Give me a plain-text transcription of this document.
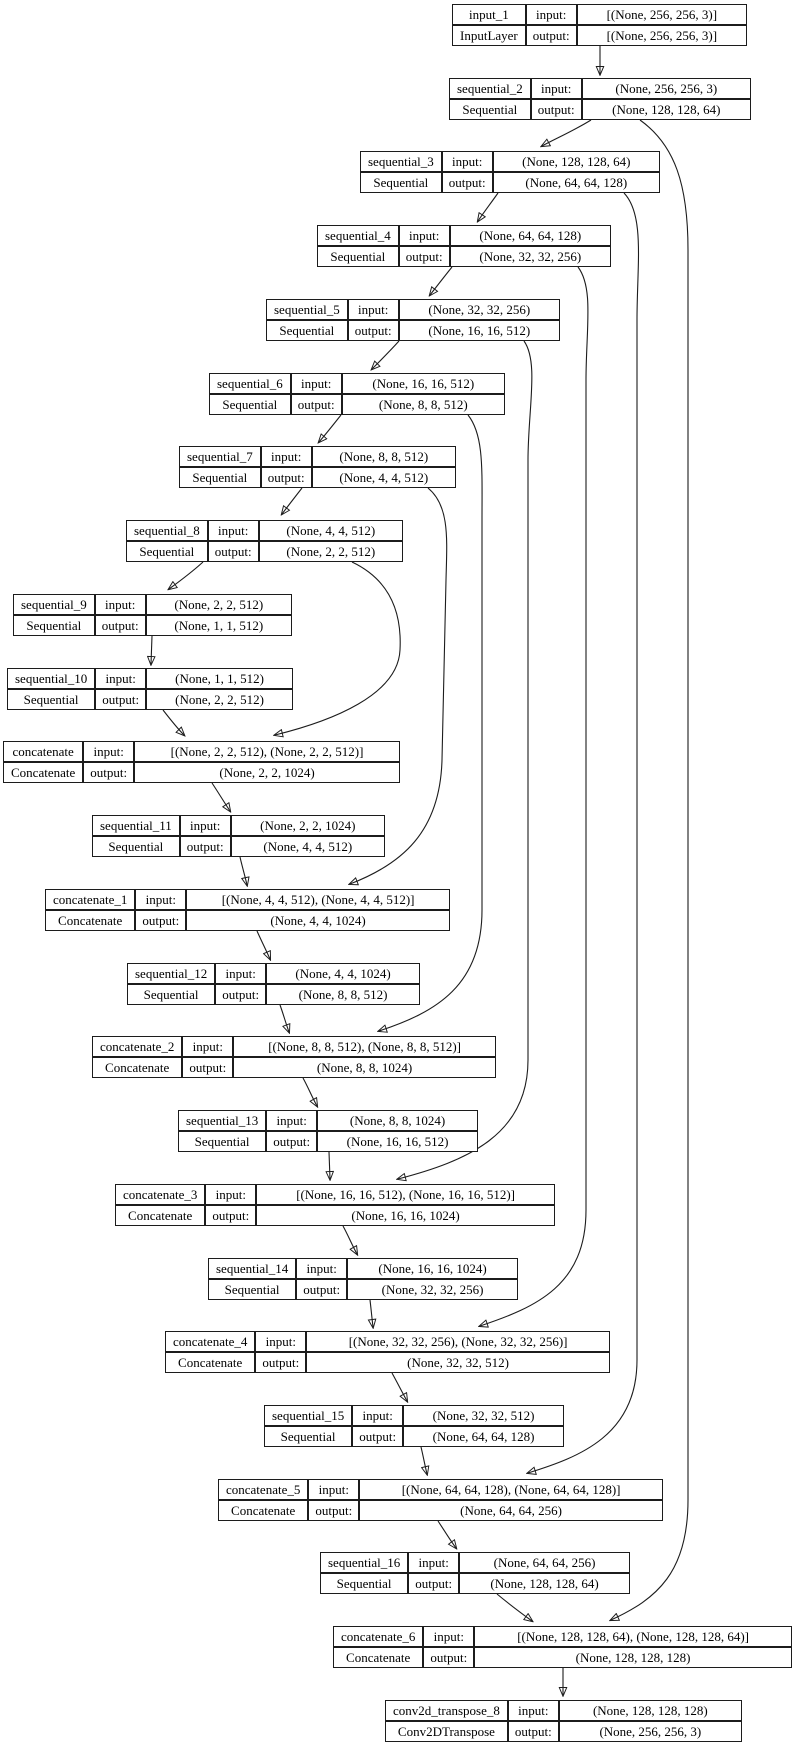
input_1	input:	[(None, 256, 256, 3)]
InputLayer	output:	[(None, 256, 256, 3)]
sequential_2	input:	(None, 256, 256, 3)
Sequential	output:	(None, 128, 128, 64)
sequential_3	input:	(None, 128, 128, 64)
Sequential	output:	(None, 64, 64, 128)
sequential_4	input:	(None, 64, 64, 128)
Sequential	output:	(None, 32, 32, 256)
sequential_5	input:	(None, 32, 32, 256)
Sequential	output:	(None, 16, 16, 512)
sequential_6	input:	(None, 16, 16, 512)
Sequential	output:	(None, 8, 8, 512)
sequential_7	input:	(None, 8, 8, 512)
Sequential	output:	(None, 4, 4, 512)
sequential_8	input:	(None, 4, 4, 512)
Sequential	output:	(None, 2, 2, 512)
sequential_9	input:	(None, 2, 2, 512)
Sequential	output:	(None, 1, 1, 512)
sequential_10	input:	(None, 1, 1, 512)
Sequential	output:	(None, 2, 2, 512)
concatenate	input:	[(None, 2, 2, 512), (None, 2, 2, 512)]
Concatenate	output:	(None, 2, 2, 1024)
sequential_11	input:	(None, 2, 2, 1024)
Sequential	output:	(None, 4, 4, 512)
concatenate_1	input:	[(None, 4, 4, 512), (None, 4, 4, 512)]
Concatenate	output:	(None, 4, 4, 1024)
sequential_12	input:	(None, 4, 4, 1024)
Sequential	output:	(None, 8, 8, 512)
concatenate_2	input:	[(None, 8, 8, 512), (None, 8, 8, 512)]
Concatenate	output:	(None, 8, 8, 1024)
sequential_13	input:	(None, 8, 8, 1024)
Sequential	output:	(None, 16, 16, 512)
concatenate_3	input:	[(None, 16, 16, 512), (None, 16, 16, 512)]
Concatenate	output:	(None, 16, 16, 1024)
sequential_14	input:	(None, 16, 16, 1024)
Sequential	output:	(None, 32, 32, 256)
concatenate_4	input:	[(None, 32, 32, 256), (None, 32, 32, 256)]
Concatenate	output:	(None, 32, 32, 512)
sequential_15	input:	(None, 32, 32, 512)
Sequential	output:	(None, 64, 64, 128)
concatenate_5	input:	[(None, 64, 64, 128), (None, 64, 64, 128)]
Concatenate	output:	(None, 64, 64, 256)
sequential_16	input:	(None, 64, 64, 256)
Sequential	output:	(None, 128, 128, 64)
concatenate_6	input:	[(None, 128, 128, 64), (None, 128, 128, 64)]
Concatenate	output:	(None, 128, 128, 128)
conv2d_transpose_8	input:	(None, 128, 128, 128)
Conv2DTranspose	output:	(None, 256, 256, 3)
